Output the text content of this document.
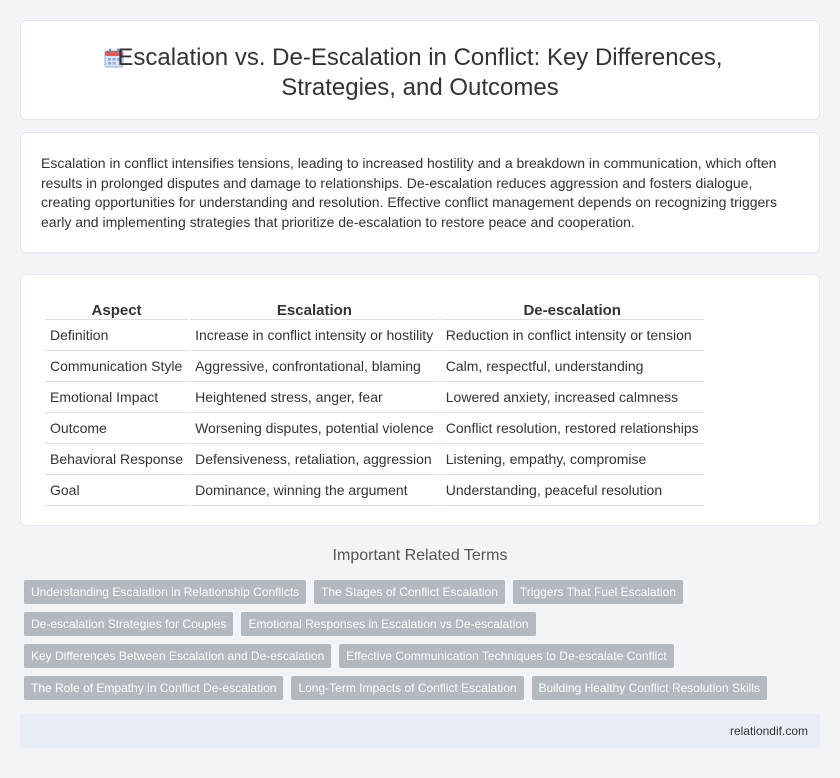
Escalation vs. De-Escalation in Conflict: Key Differences, Strategies, and Outcomes

Escalation in conflict intensifies tensions, leading to increased hostility and a breakdown in communication, which often results in prolonged disputes and damage to relationships. De-escalation reduces aggression and fosters dialogue, creating opportunities for understanding and resolution. Effective conflict management depends on recognizing triggers early and implementing strategies that prioritize de-escalation to restore peace and cooperation.

Aspect	Escalation	De-escalation
Definition	Increase in conflict intensity or hostility	Reduction in conflict intensity or tension
Communication Style	Aggressive, confrontational, blaming	Calm, respectful, understanding
Emotional Impact	Heightened stress, anger, fear	Lowered anxiety, increased calmness
Outcome	Worsening disputes, potential violence	Conflict resolution, restored relationships
Behavioral Response	Defensiveness, retaliation, aggression	Listening, empathy, compromise
Goal	Dominance, winning the argument	Understanding, peaceful resolution
Important Related Terms
Understanding Escalation in Relationship Conflicts	The Stages of Conflict Escalation	Triggers That Fuel Escalation
De-escalation Strategies for Couples	Emotional Responses in Escalation vs De-escalation
Key Differences Between Escalation and De-escalation	Effective Communication Techniques to De-escalate Conflict
The Role of Empathy in Conflict De-escalation	Long-Term Impacts of Conflict Escalation	Building Healthy Conflict Resolution Skills
relationdif.com
